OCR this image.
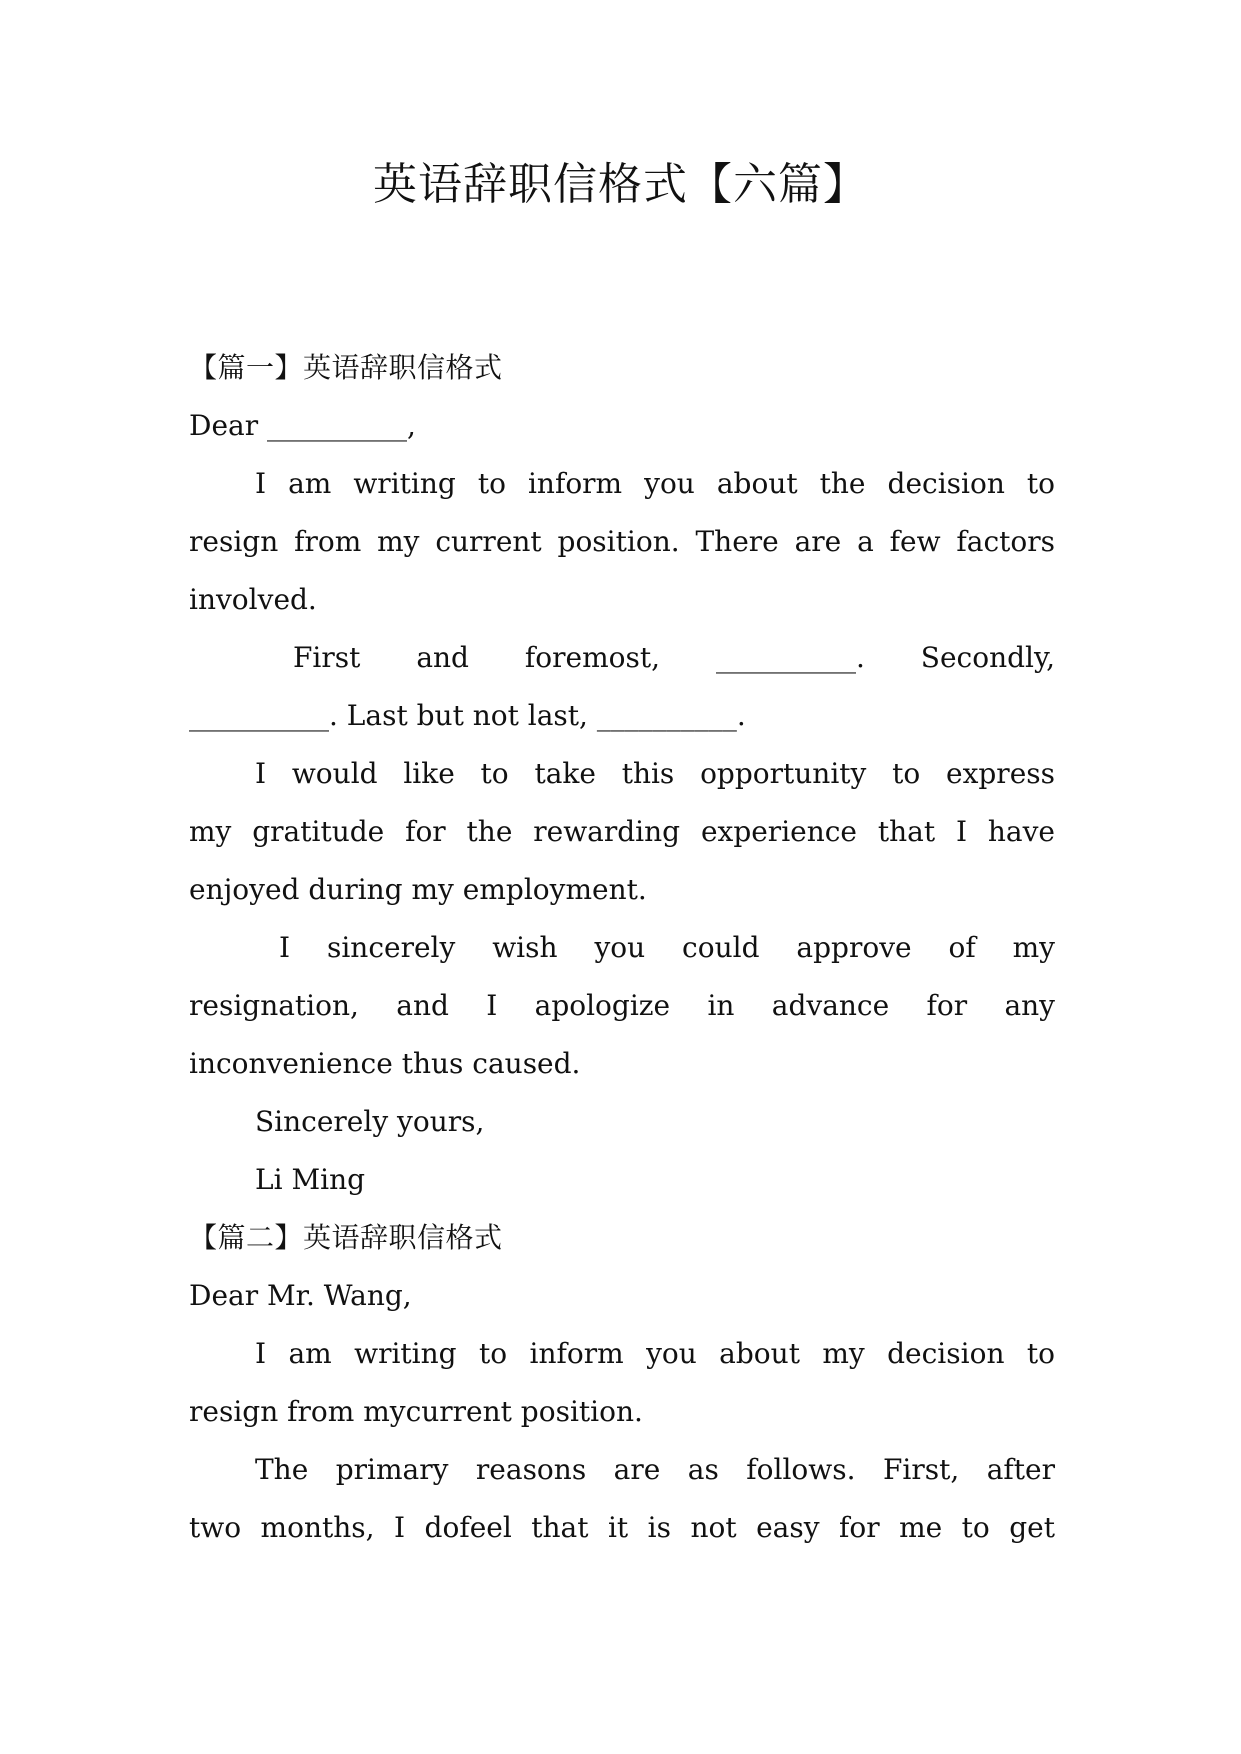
英语辞职信格式【六篇】

【篇一】英语辞职信格式

Dear __________,

I am writing to inform you about the decision to

resign from my current position. There are a few factors

involved.

First and foremost, __________. Secondly,

__________. Last but not last, __________.

I would like to take this opportunity to express

my gratitude for the rewarding experience that I have

enjoyed during my employment.

I sincerely wish you could approve of my

resignation, and I apologize in advance for any

inconvenience thus caused.

Sincerely yours,

Li Ming

【篇二】英语辞职信格式

Dear Mr. Wang,

I am writing to inform you about my decision to

resign from mycurrent position.

The primary reasons are as follows. First, after

two months, I dofeel that it is not easy for me to get
